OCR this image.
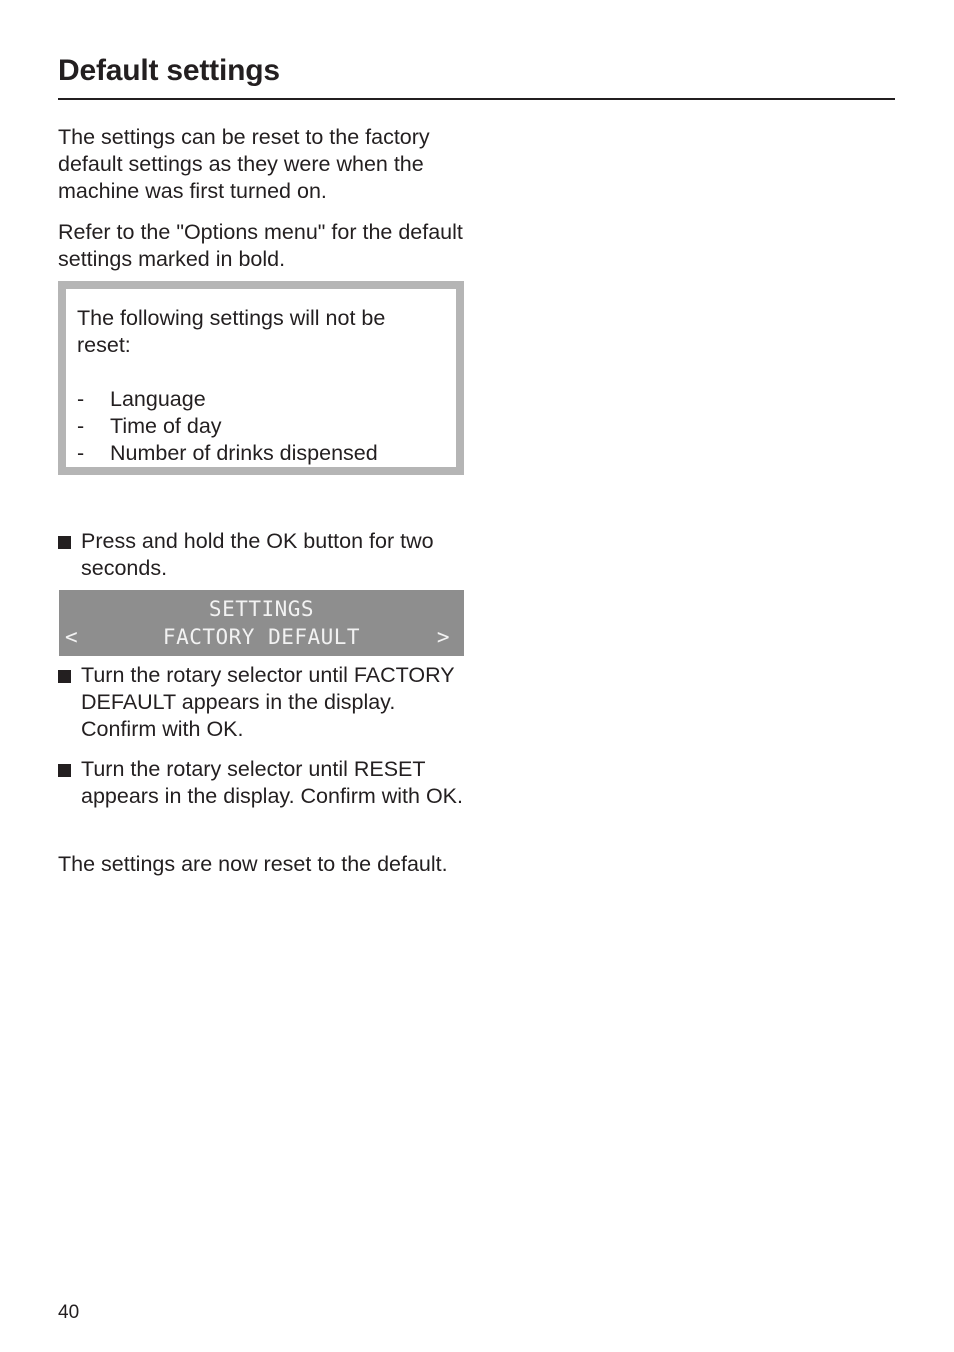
Default settings

The settings can be reset to the factory default settings as they were when the machine was first turned on.

Refer to the "Options menu" for the default settings marked in bold.

The following settings will not be reset:
- Language
- Time of day
- Number of drinks dispensed
Press and hold the OK button for two seconds.
SETTINGS
<	FACTORY DEFAULT	>
Turn the rotary selector until FACTORY DEFAULT appears in the display. Confirm with OK.
Turn the rotary selector until RESET appears in the display. Confirm with OK.

The settings are now reset to the default.

40
